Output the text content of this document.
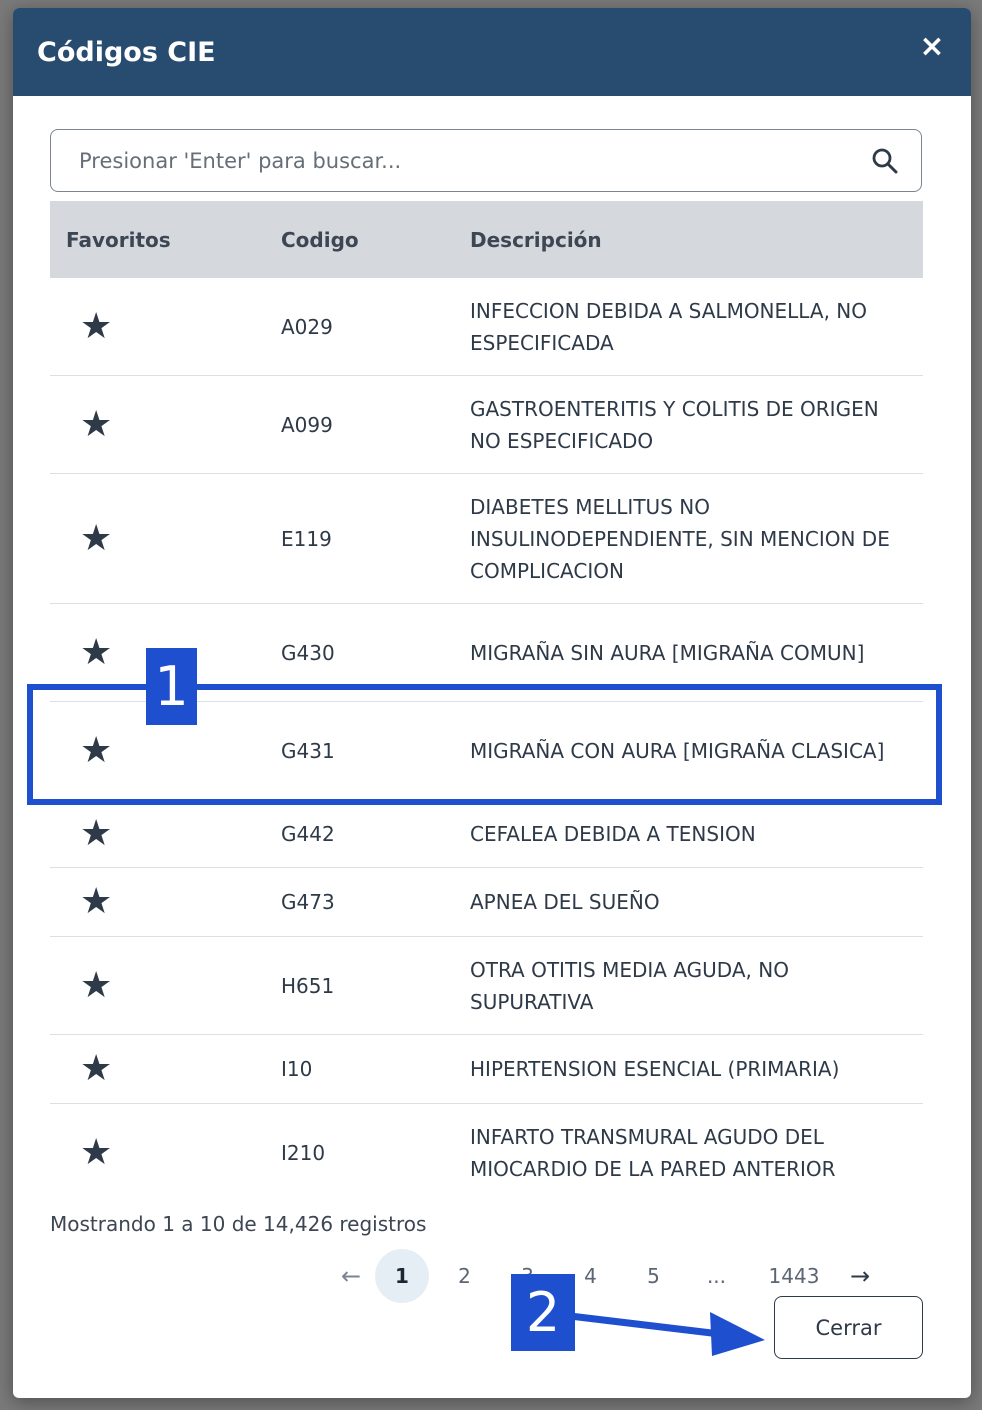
Códigos CIE	×
Presionar 'Enter' para buscar...
Favoritos	Codigo	Descripción
★	A029
INFECCION DEBIDA A SALMONELLA, NO ESPECIFICADA
★	A099
GASTROENTERITIS Y COLITIS DE ORIGEN NO ESPECIFICADO
★	E119
DIABETES MELLITUS NO INSULINODEPENDIENTE, SIN MENCION DE COMPLICACION
★	G430	MIGRAÑA SIN AURA [MIGRAÑA COMUN]
★	G431	MIGRAÑA CON AURA [MIGRAÑA CLASICA]
★	G442	CEFALEA DEBIDA A TENSION
★	G473	APNEA DEL SUEÑO
★	H651
OTRA OTITIS MEDIA AGUDA, NO SUPURATIVA
★	I10	HIPERTENSION ESENCIAL (PRIMARIA)
★	I210
INFARTO TRANSMURAL AGUDO DEL MIOCARDIO DE LA PARED ANTERIOR
Mostrando 1 a 10 de 14,426 registros
←	1	2	4	5	...	1443	→
Cerrar
1
2
